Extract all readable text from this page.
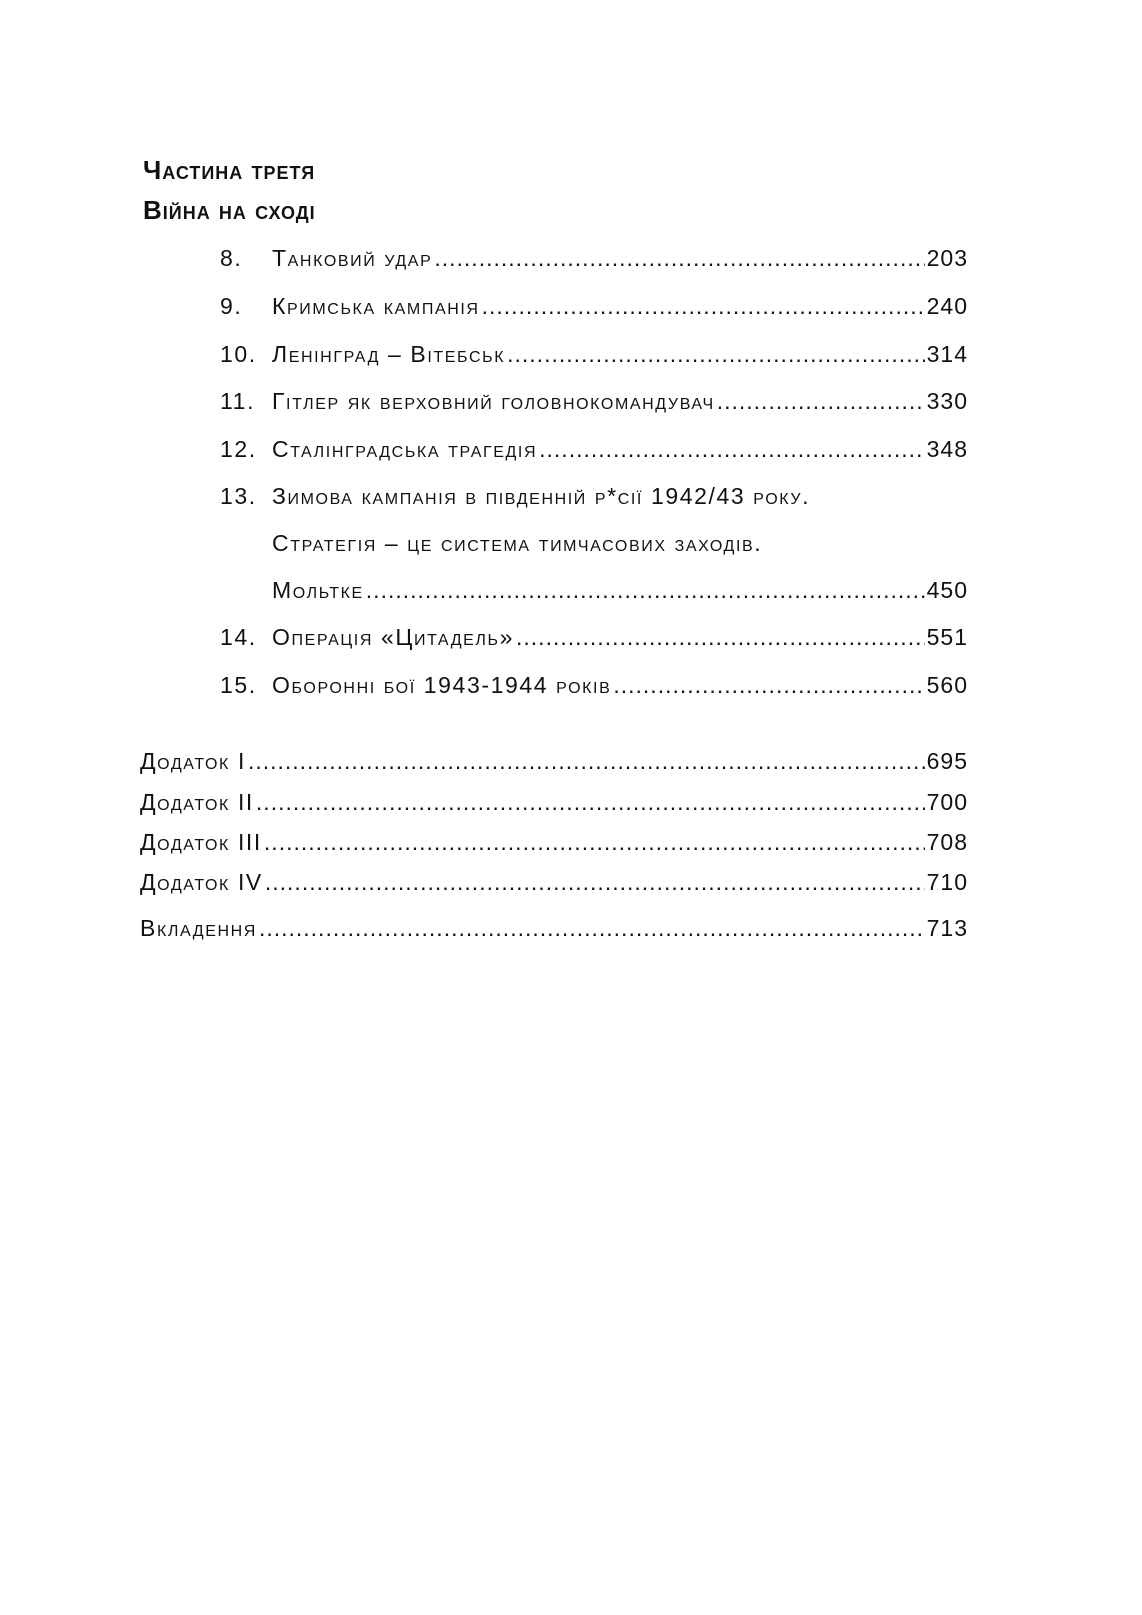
Частина третя
Війна на сході
8.	Танковий удар .....	203
9.	Кримська кампанія .....	240
10. Ленінград – Вітебськ .....	314
11. Гітлер як верховний головнокомандувач .....	330
12. Сталінградська трагедія .....	348
13. Зимова кампанія в південній р*сії 1942/43 року.
Стратегія – це система тимчасових заходів.
Мольтке .....	450
14. Операція «Цитадель» .....	551
15. Оборонні бої 1943-1944 років .....	560
Додаток I .....	695
Додаток II .....	700
Додаток III .....	708
Додаток IV .....	710
Вкладення .....	713
